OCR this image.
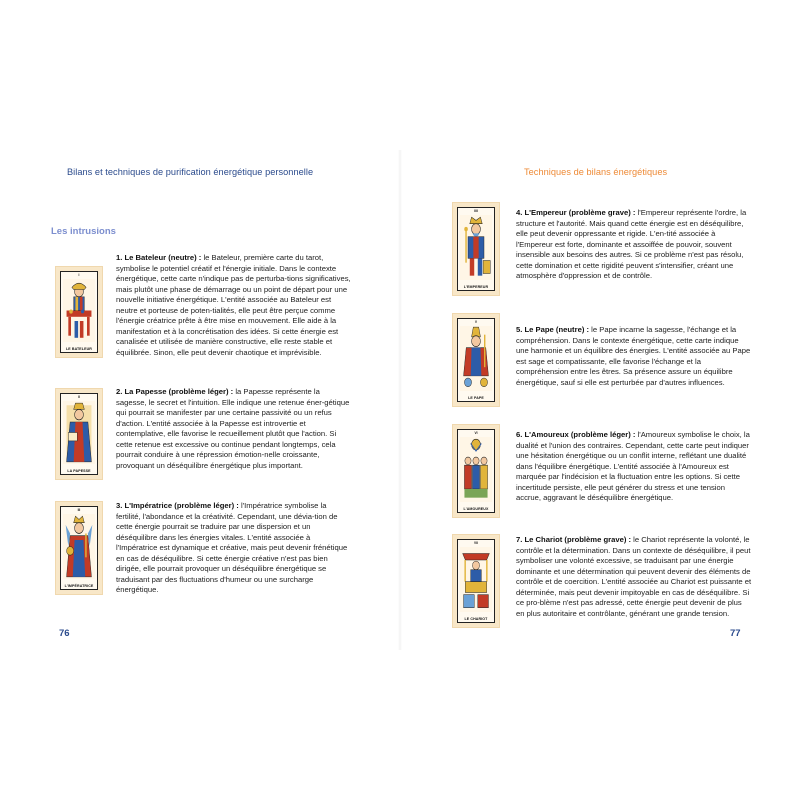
Bilans et techniques de purification énergétique personnelle
Les intrusions
I
LE BATELEUR

1. Le Bateleur (neutre) : le Bateleur, première carte du tarot, symbolise le potentiel créatif et l'énergie initiale. Dans le contexte énergétique, cette carte n'indique pas de perturba-tions significatives, mais plutôt une phase de démarrage ou un point de départ pour une nouvelle initiative énergétique. L'entité associée au Bateleur est neutre et porteuse de poten-tialités, elle peut être perçue comme l'énergie créatrice prête à être mise en mouvement. Elle aide à la manifestation et à la concrétisation des idées. Si cette énergie est canalisée et utilisée de manière constructive, elle reste stable et équilibrée. Sinon, elle peut devenir chaotique et imprévisible.

II
LA PAPESSE

2. La Papesse (problème léger) : la Papesse représente la sagesse, le secret et l'intuition. Elle indique une retenue éner-gétique qui pourrait se manifester par une certaine passivité ou un refus d'action. L'entité associée à la Papesse est introvertie et contemplative, elle favorise le recueillement plutôt que l'action. Si cette retenue est excessive ou continue pendant longtemps, cela pourrait conduire à une répression émotion-nelle croissante, provoquant un déséquilibre énergétique plus important.

III
L'IMPÉRATRICE

3. L'Impératrice (problème léger) : l'Impératrice symbolise la fertilité, l'abondance et la créativité. Cependant, une dévia-tion de cette énergie pourrait se traduire par une dispersion et un déséquilibre dans les énergies vitales. L'entité associée à l'Impératrice est dynamique et créative, mais peut devenir frénétique en cas de déséquilibre. Si cette énergie créative n'est pas bien dirigée, elle pourrait provoquer un déséquilibre énergétique se traduisant par des fluctuations d'humeur ou une surcharge énergétique.

76
Techniques de bilans énergétiques
IIII
L'EMPEREUR

4. L'Empereur (problème grave) : l'Empereur représente l'ordre, la structure et l'autorité. Mais quand cette énergie est en déséquilibre, elle peut devenir oppressante et rigide. L'en-tité associée à l'Empereur est forte, dominante et assoiffée de pouvoir, souvent insensible aux besoins des autres. Si ce problème n'est pas résolu, cette domination et cette rigidité peuvent s'intensifier, créant une atmosphère d'oppression et de contrôle.

V
LE PAPE

5. Le Pape (neutre) : le Pape incarne la sagesse, l'échange et la compréhension. Dans le contexte énergétique, cette carte indique une harmonie et un équilibre des énergies. L'entité associée au Pape est sage et compatissante, elle favorise l'échange et la compréhension entre les êtres. Sa présence assure un équilibre énergétique, sauf si elle est perturbée par d'autres influences.

VI
L'AMOUREUX

6. L'Amoureux (problème léger) : l'Amoureux symbolise le choix, la dualité et l'union des contraires. Cependant, cette carte peut indiquer une hésitation énergétique ou un conflit interne, reflétant une dualité dans l'équilibre énergétique. L'entité associée à l'Amoureux est marquée par l'indécision et la fluctuation entre les options. Si cette incertitude persiste, elle peut générer du stress et une tension accrue, aggravant le déséquilibre énergétique.

VII
LE CHARIOT

7. Le Chariot (problème grave) : le Chariot représente la volonté, le contrôle et la détermination. Dans un contexte de déséquilibre, il peut symboliser une volonté excessive, se traduisant par une énergie dominante et une détermination qui peuvent devenir des éléments de contrôle et de coercition. L'entité associée au Chariot est puissante et déterminée, mais peut devenir impitoyable en cas de déséquilibre. Si ce pro-blème n'est pas adressé, cette énergie peut devenir de plus en plus autoritaire et contrôlante, générant une grande tension.

77
